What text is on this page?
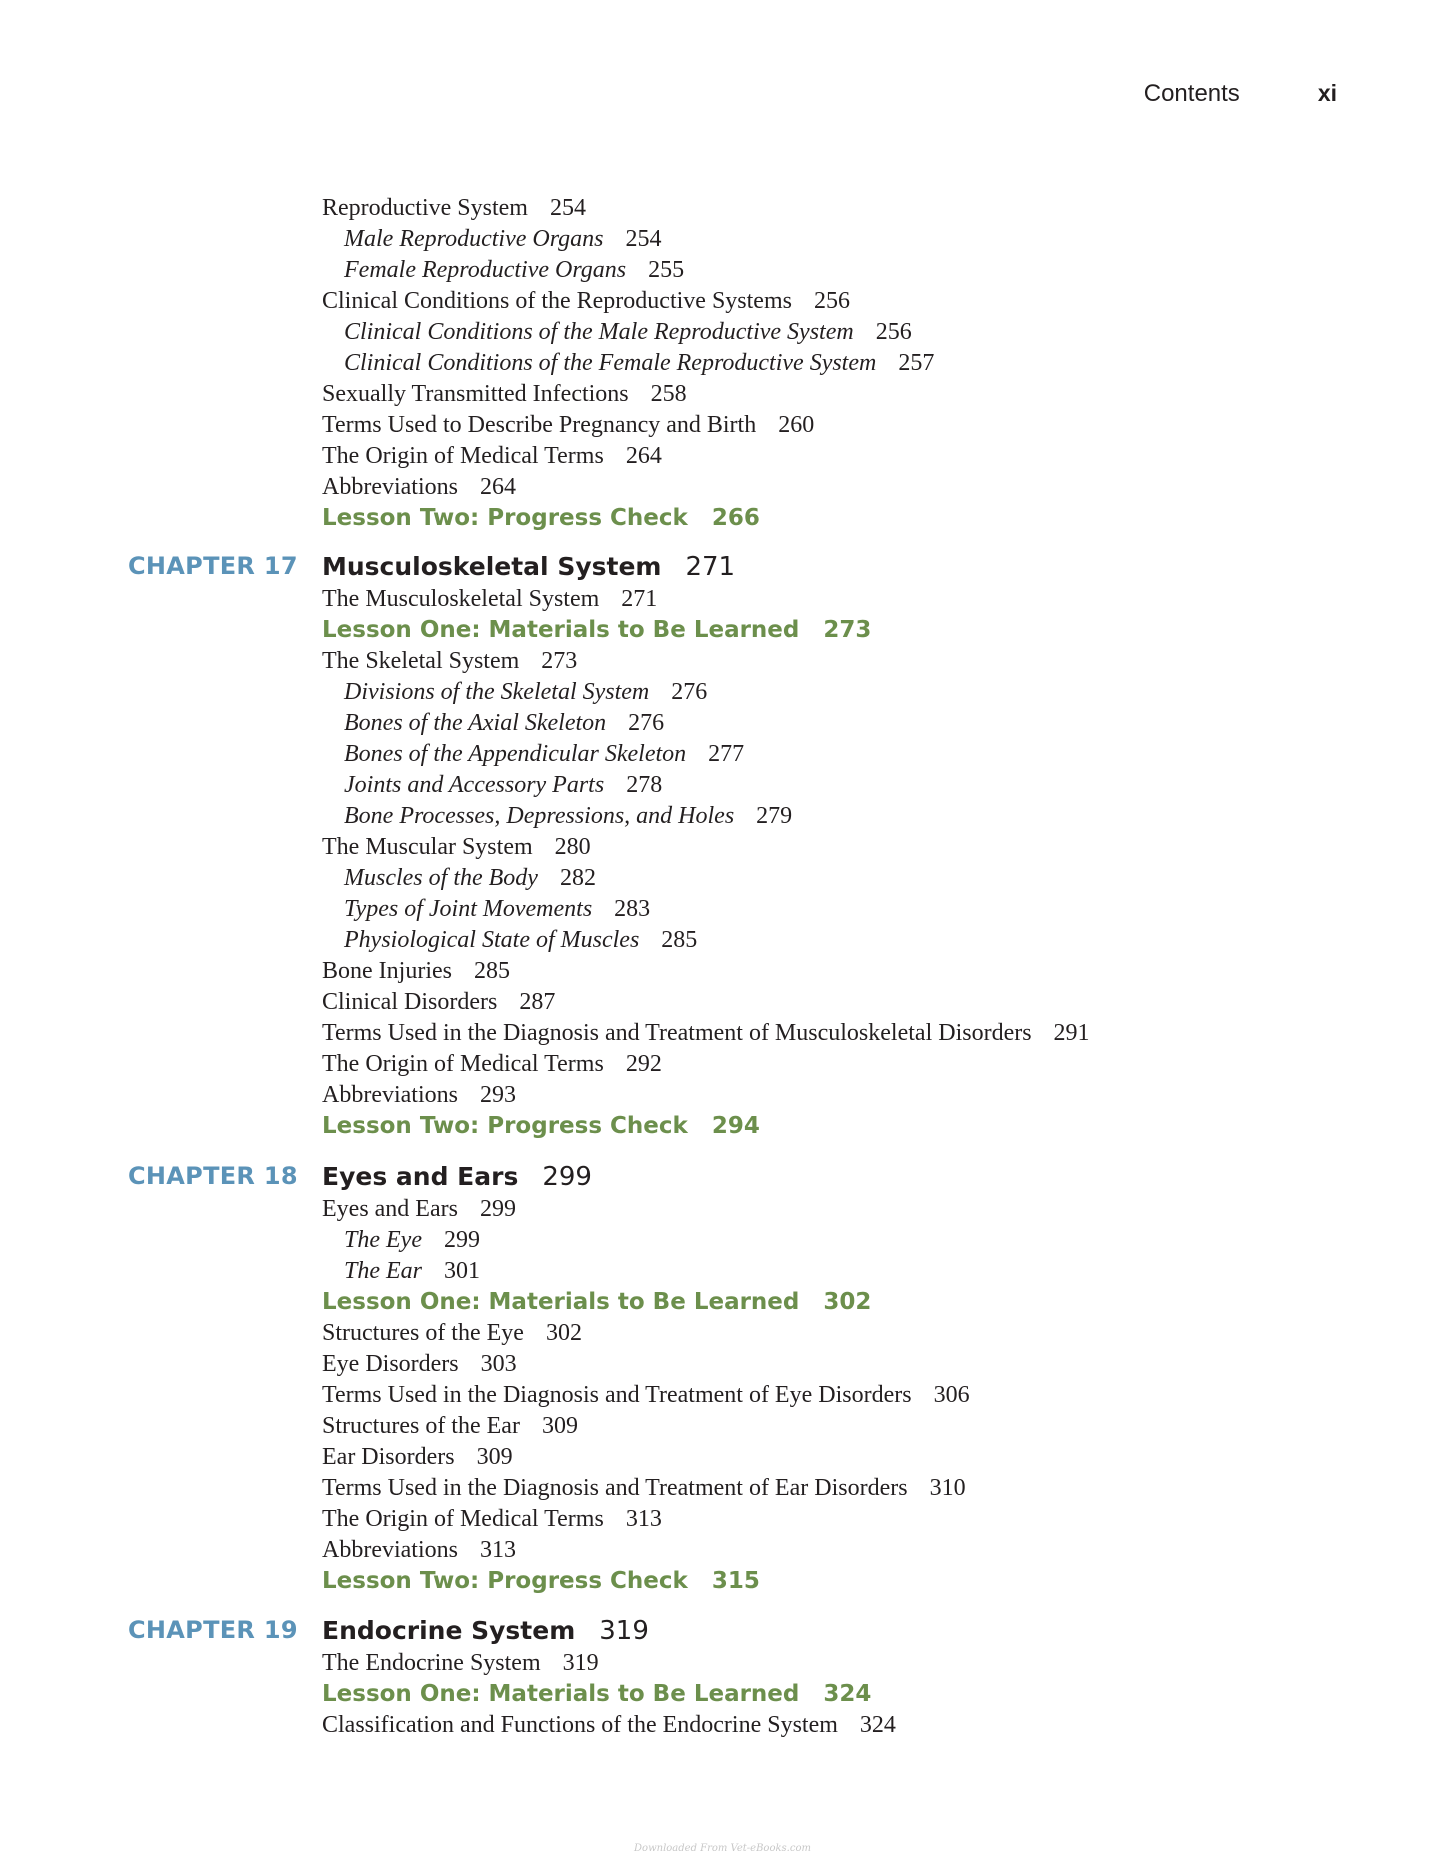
Contents	xi
Reproductive System 254
Male Reproductive Organs 254
Female Reproductive Organs 255
Clinical Conditions of the Reproductive Systems 256
Clinical Conditions of the Male Reproductive System 256
Clinical Conditions of the Female Reproductive System 257
Sexually Transmitted Infections 258
Terms Used to Describe Pregnancy and Birth 260
The Origin of Medical Terms 264
Abbreviations 264
Lesson Two: Progress Check 266
CHAPTER 17 Musculoskeletal System 271
The Musculoskeletal System 271
Lesson One: Materials to Be Learned 273
The Skeletal System 273
Divisions of the Skeletal System 276
Bones of the Axial Skeleton 276
Bones of the Appendicular Skeleton 277
Joints and Accessory Parts 278
Bone Processes, Depressions, and Holes 279
The Muscular System 280
Muscles of the Body 282
Types of Joint Movements 283
Physiological State of Muscles 285
Bone Injuries 285
Clinical Disorders 287
Terms Used in the Diagnosis and Treatment of Musculoskeletal Disorders 291
The Origin of Medical Terms 292
Abbreviations 293
Lesson Two: Progress Check 294
CHAPTER 18 Eyes and Ears 299
Eyes and Ears 299
The Eye 299
The Ear 301
Lesson One: Materials to Be Learned 302
Structures of the Eye 302
Eye Disorders 303
Terms Used in the Diagnosis and Treatment of Eye Disorders 306
Structures of the Ear 309
Ear Disorders 309
Terms Used in the Diagnosis and Treatment of Ear Disorders 310
The Origin of Medical Terms 313
Abbreviations 313
Lesson Two: Progress Check 315
CHAPTER 19 Endocrine System 319
The Endocrine System 319
Lesson One: Materials to Be Learned 324
Classification and Functions of the Endocrine System 324
Downloaded From Vet-eBooks.com
